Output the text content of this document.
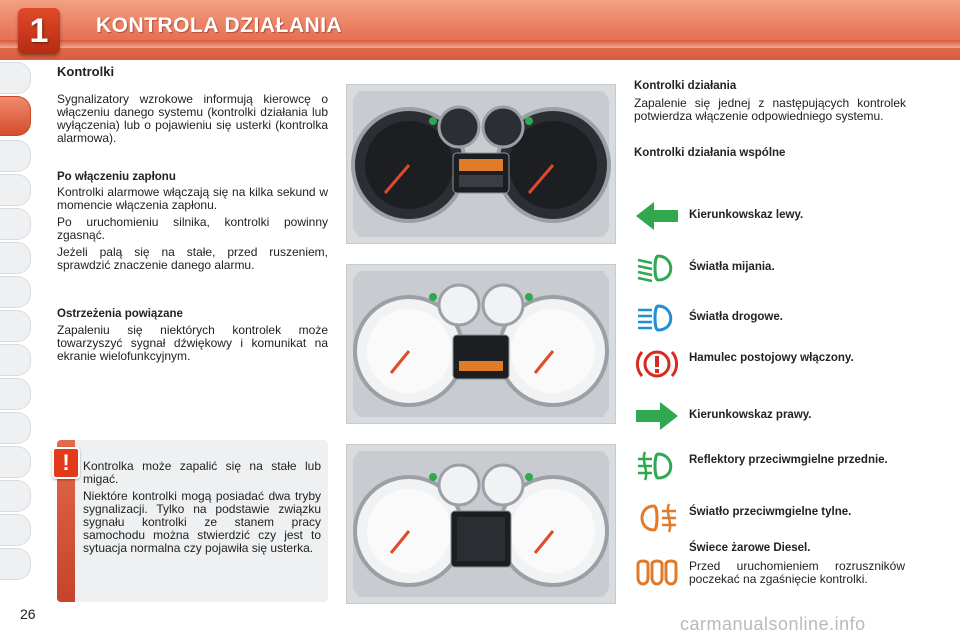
1	KONTROLA DZIAŁANIA

Kontrolki

Sygnalizatory wzrokowe informują kierowcę o włączeniu danego systemu (kontrolki działania lub wyłączenia) lub o pojawieniu się usterki (kontrolka alarmowa).

Po włączeniu zapłonu

Kontrolki alarmowe włączają się na kilka sekund w momencie włączenia zapłonu.

Po uruchomieniu silnika, kontrolki powinny zgasnąć.

Jeżeli palą się na stałe, przed ruszeniem, sprawdzić znaczenie danego alarmu.

Ostrzeżenia powiązane

Zapaleniu się niektórych kontrolek może towarzyszyć sygnał dźwiękowy i komunikat na ekranie wielofunkcyjnym.

!	Kontrolka może zapalić się na stałe lub migać.

Niektóre kontrolki mogą posiadać dwa tryby sygnalizacji. Tylko na podstawie związku sygnału kontrolki ze stanem pracy samochodu można stwierdzić czy jest to sytuacja normalna czy pojawiła się usterka.

Kontrolki działania

Zapalenie się jednej z następujących kontrolek potwierdza włączenie odpowiedniego systemu.

Kontrolki działania wspólne

Kierunkowskaz lewy.
Światła mijania.
Światła drogowe.
Hamulec postojowy włączony.
Kierunkowskaz prawy.
Reflektory przeciwmgielne przednie.
Światło przeciwmgielne tylne.
Świece żarowe Diesel.
Przed uruchomieniem rozruszników poczekać na zgaśnięcie kontrolki.
26	carmanualsonline.info
